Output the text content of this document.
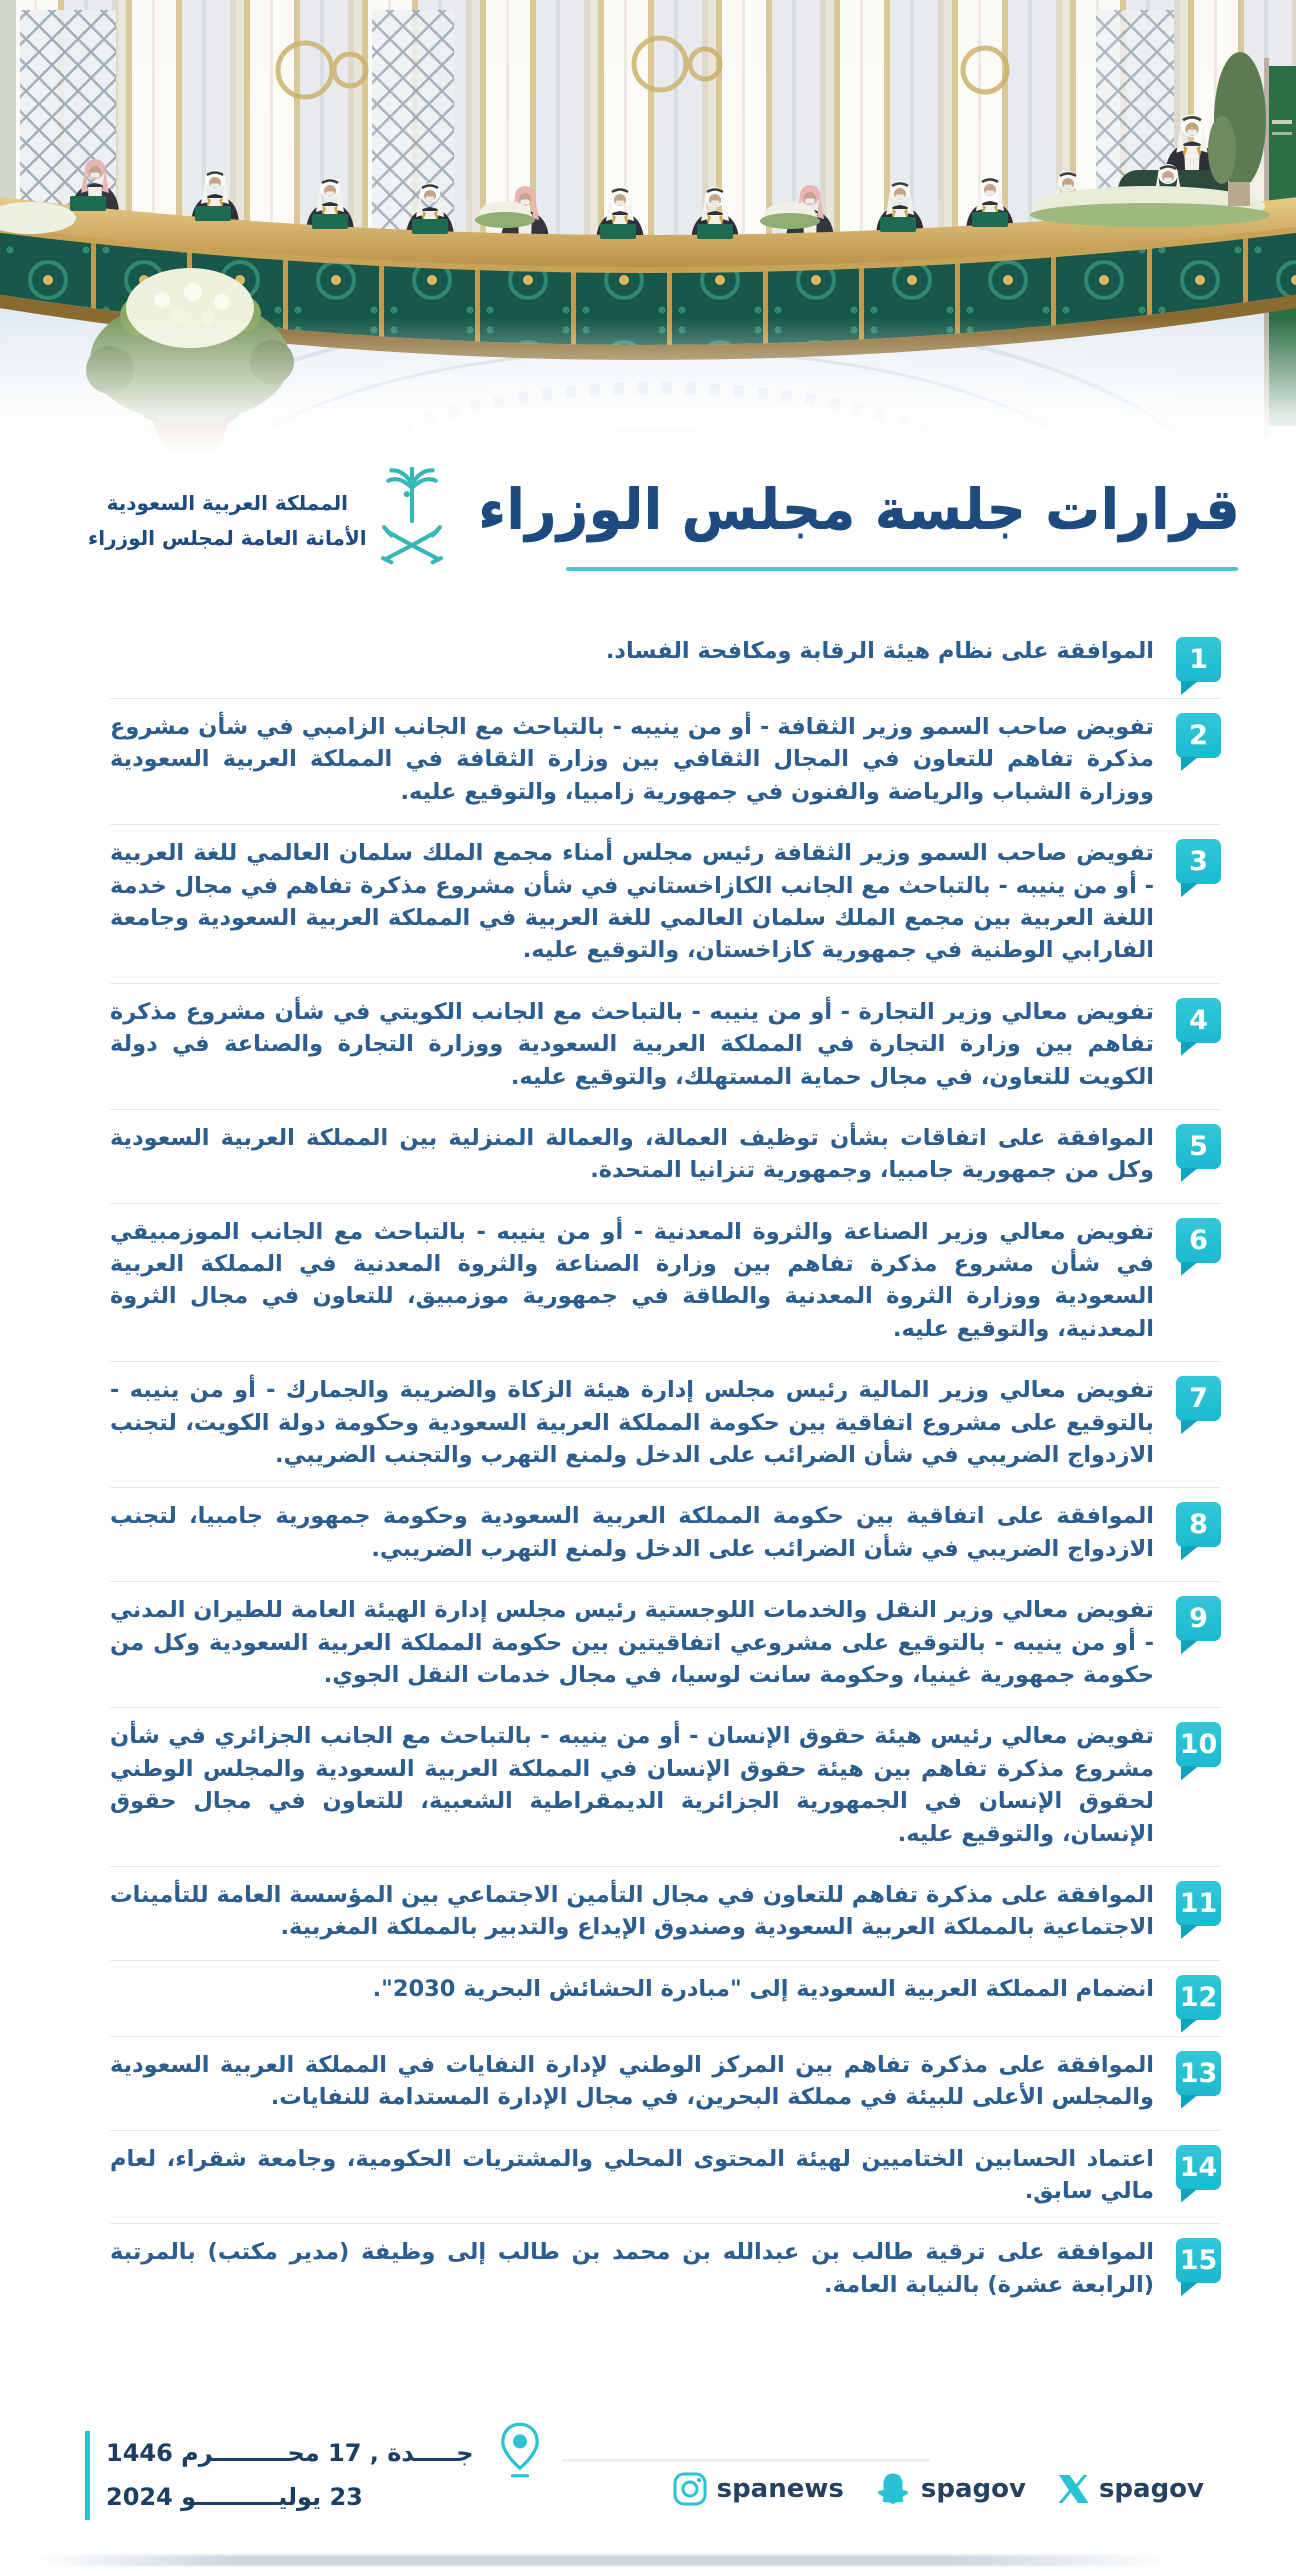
المملكة العربية السعودية
الأمانة العامة لمجلس الوزراء قرارات جلسة مجلس الوزراء
1

الموافقة على نظام هيئة الرقابة ومكافحة الفساد.

2

تفويض صاحب السمو وزير الثقافة - أو من ينيبه - بالتباحث مع الجانب الزامبي في شأن مشروع مذكرة تفاهم للتعاون في المجال الثقافي بين وزارة الثقافة في المملكة العربية السعودية ووزارة الشباب والرياضة والفنون في جمهورية زامبيا، والتوقيع عليه.

3

تفويض صاحب السمو وزير الثقافة رئيس مجلس أمناء مجمع الملك سلمان العالمي للغة العربية - أو من ينيبه - بالتباحث مع الجانب الكازاخستاني في شأن مشروع مذكرة تفاهم في مجال خدمة اللغة العربية بين مجمع الملك سلمان العالمي للغة العربية في المملكة العربية السعودية وجامعة الفارابي الوطنية في جمهورية كازاخستان، والتوقيع عليه.

4

تفويض معالي وزير التجارة - أو من ينيبه - بالتباحث مع الجانب الكويتي في شأن مشروع مذكرة تفاهم بين وزارة التجارة في المملكة العربية السعودية ووزارة التجارة والصناعة في دولة الكويت للتعاون، في مجال حماية المستهلك، والتوقيع عليه.

5

الموافقة على اتفاقات بشأن توظيف العمالة، والعمالة المنزلية بين المملكة العربية السعودية وكل من جمهورية جامبيا، وجمهورية تنزانيا المتحدة.

6

تفويض معالي وزير الصناعة والثروة المعدنية - أو من ينيبه - بالتباحث مع الجانب الموزمبيقي في شأن مشروع مذكرة تفاهم بين وزارة الصناعة والثروة المعدنية في المملكة العربية السعودية ووزارة الثروة المعدنية والطاقة في جمهورية موزمبيق، للتعاون في مجال الثروة المعدنية، والتوقيع عليه.

7

تفويض معالي وزير المالية رئيس مجلس إدارة هيئة الزكاة والضريبة والجمارك - أو من ينيبه - بالتوقيع على مشروع اتفاقية بين حكومة المملكة العربية السعودية وحكومة دولة الكويت، لتجنب الازدواج الضريبي في شأن الضرائب على الدخل ولمنع التهرب والتجنب الضريبي.

8

الموافقة على اتفاقية بين حكومة المملكة العربية السعودية وحكومة جمهورية جامبيا، لتجنب الازدواج الضريبي في شأن الضرائب على الدخل ولمنع التهرب الضريبي.

9

تفويض معالي وزير النقل والخدمات اللوجستية رئيس مجلس إدارة الهيئة العامة للطيران المدني - أو من ينيبه - بالتوقيع على مشروعي اتفاقيتين بين حكومة المملكة العربية السعودية وكل من حكومة جمهورية غينيا، وحكومة سانت لوسيا، في مجال خدمات النقل الجوي.

10

تفويض معالي رئيس هيئة حقوق الإنسان - أو من ينيبه - بالتباحث مع الجانب الجزائري في شأن مشروع مذكرة تفاهم بين هيئة حقوق الإنسان في المملكة العربية السعودية والمجلس الوطني لحقوق الإنسان في الجمهورية الجزائرية الديمقراطية الشعبية، للتعاون في مجال حقوق الإنسان، والتوقيع عليه.

11

الموافقة على مذكرة تفاهم للتعاون في مجال التأمين الاجتماعي بين المؤسسة العامة للتأمينات الاجتماعية بالمملكة العربية السعودية وصندوق الإيداع والتدبير بالمملكة المغربية.

12

انضمام المملكة العربية السعودية إلى "مبادرة الحشائش البحرية 2030".

13

الموافقة على مذكرة تفاهم بين المركز الوطني لإدارة النفايات في المملكة العربية السعودية والمجلس الأعلى للبيئة في مملكة البحرين، في مجال الإدارة المستدامة للنفايات.

14

اعتماد الحسابين الختاميين لهيئة المحتوى المحلي والمشتريات الحكومية، وجامعة شقراء، لعام مالي سابق.

15

الموافقة على ترقية طالب بن عبدالله بن محمد بن طالب إلى وظيفة (مدير مكتب) بالمرتبة (الرابعة عشرة) بالنيابة العامة.

جـــــدة , 17 محـــــــــرم 1446
23 يوليــــــــــو 2024	spanews	spagov	spagov
